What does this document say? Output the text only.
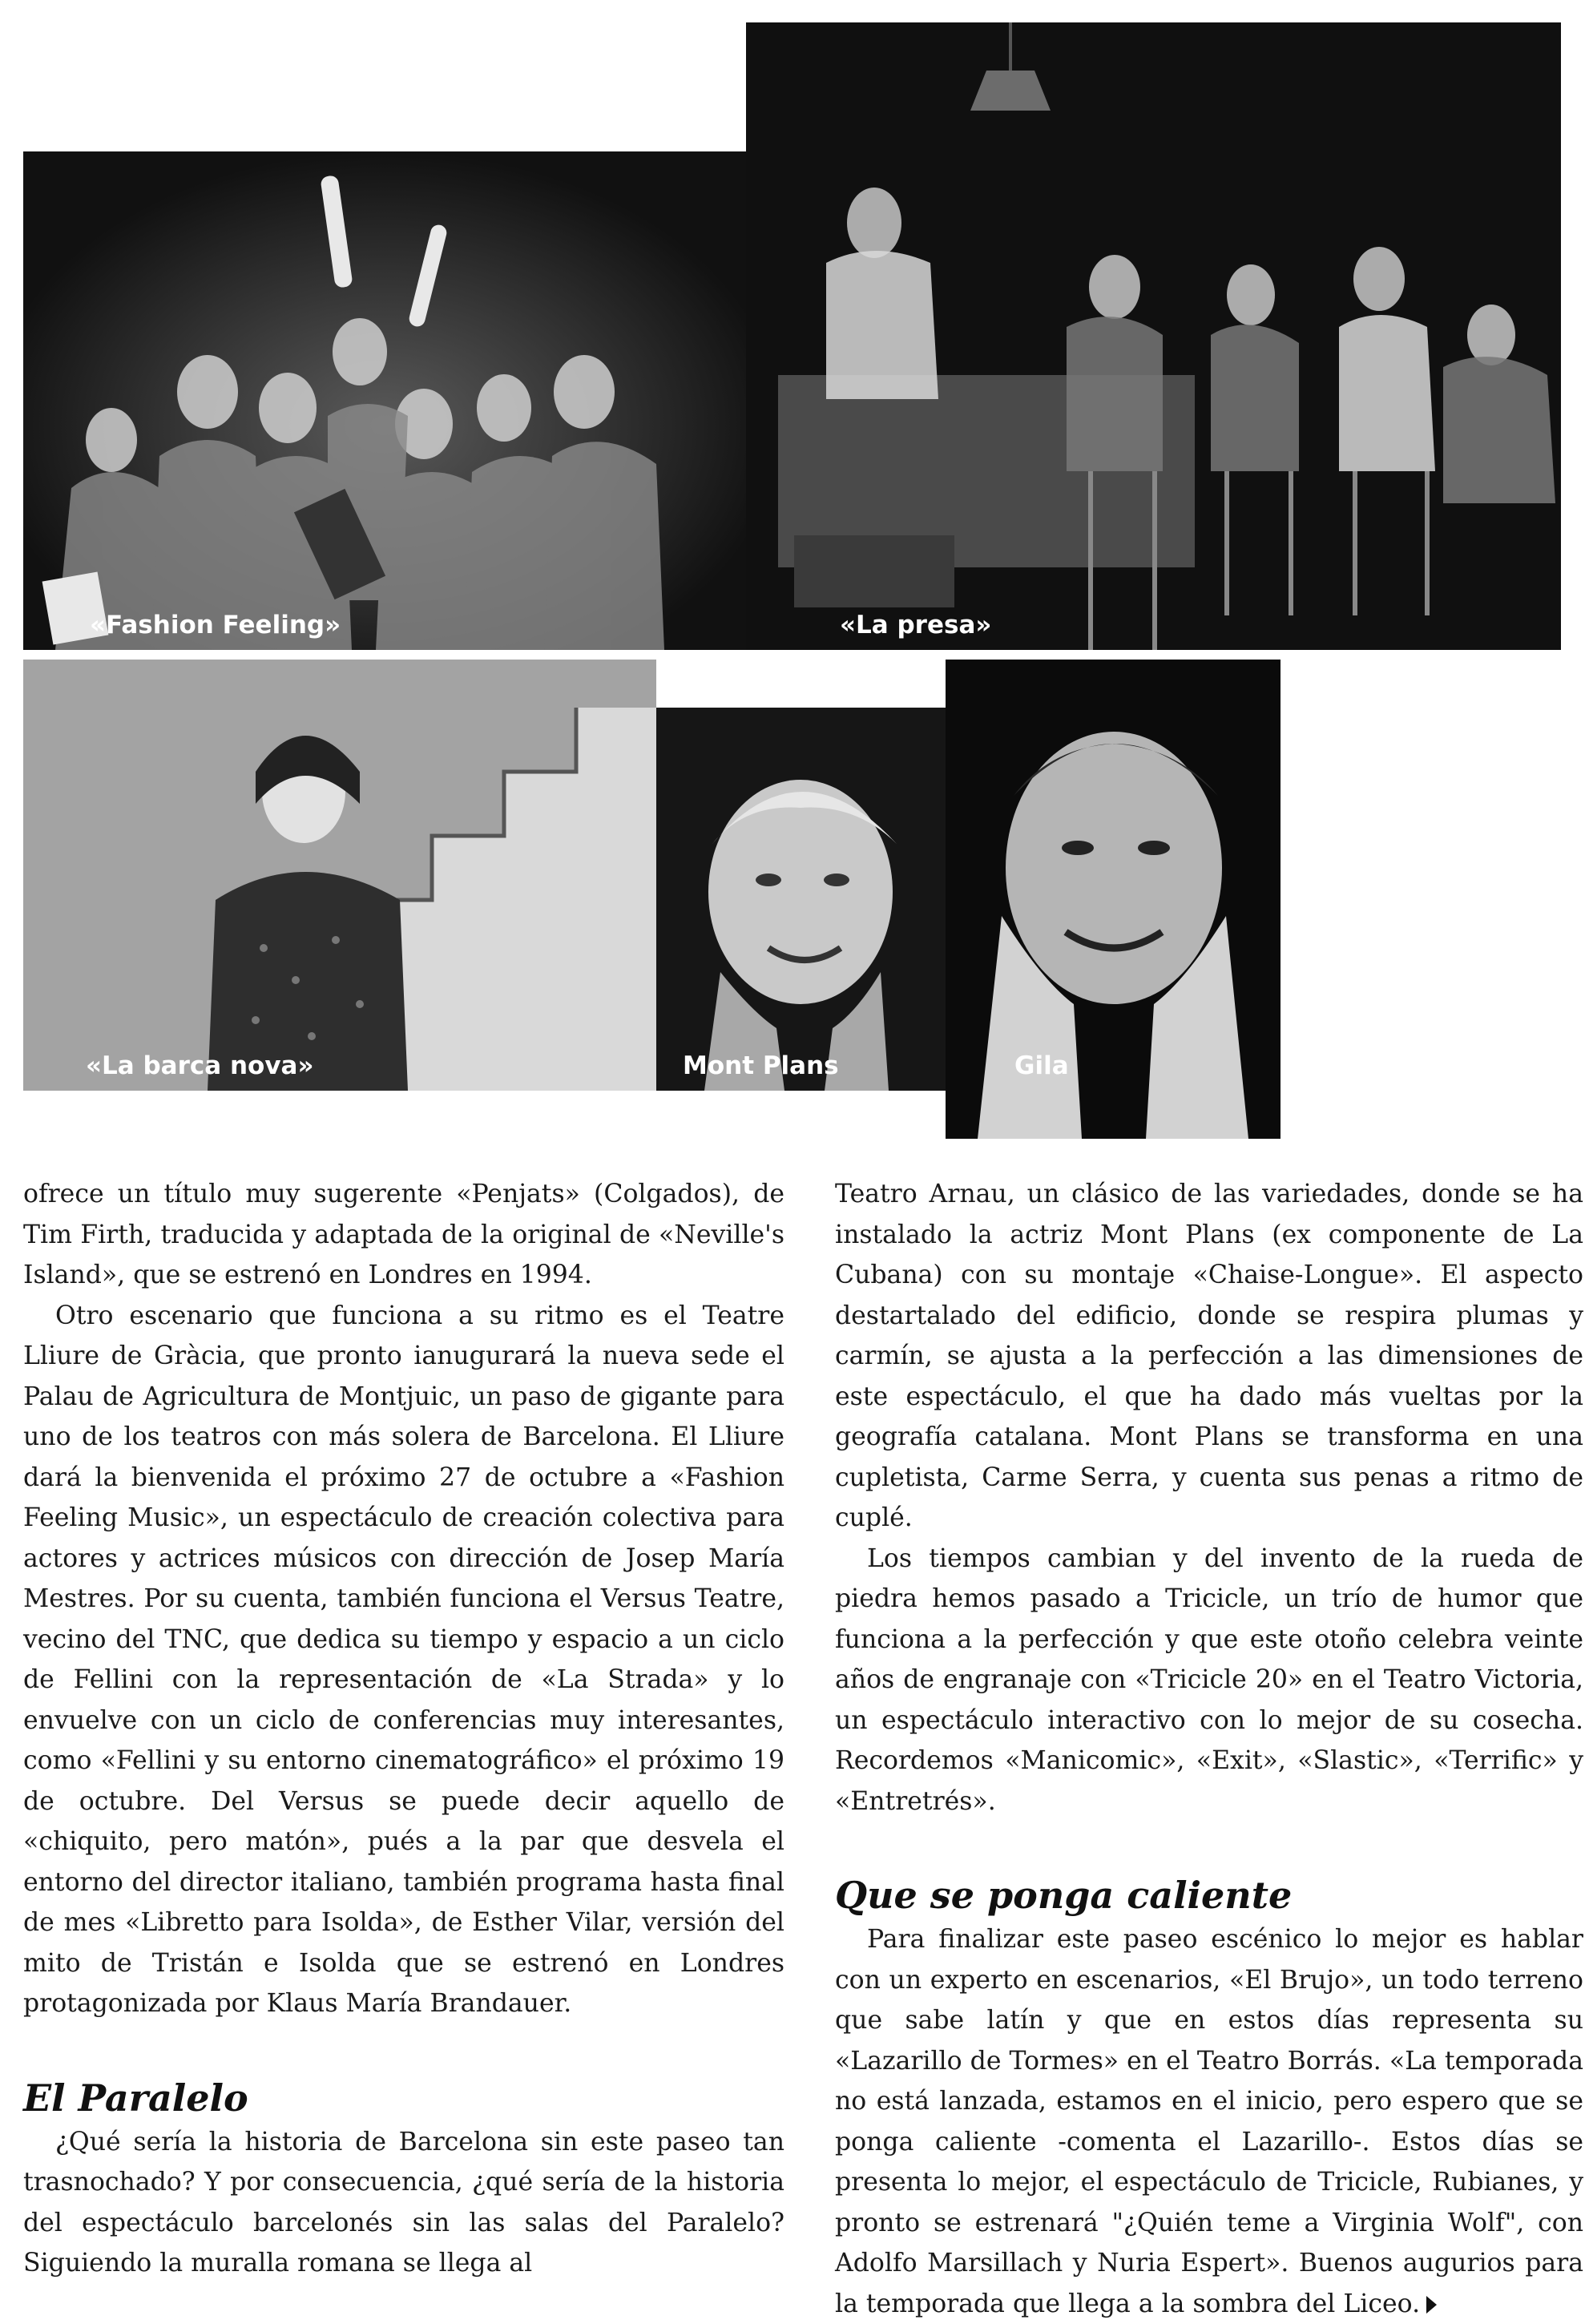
«Fashion Feeling»	«La presa»
«La barca nova»	Mont Plans	Gila

ofrece un título muy sugerente «Penjats» (Colgados), de Tim Firth, traducida y adaptada de la original de «Neville's Island», que se estrenó en Londres en 1994.

Otro escenario que funciona a su ritmo es el Teatre Lliure de Gràcia, que pronto ianugurará la nueva sede el Palau de Agricultura de Montjuic, un paso de gigante para uno de los teatros con más solera de Barcelona. El Lliure dará la bienvenida el próximo 27 de octubre a «Fashion Feeling Music», un espectáculo de creación colectiva para actores y actrices músicos con dirección de Josep María Mestres. Por su cuenta, también funciona el Versus Teatre, vecino del TNC, que dedica su tiempo y espacio a un ciclo de Fellini con la representación de «La Strada» y lo envuelve con un ciclo de conferencias muy interesantes, como «Fellini y su entorno cinematográfico» el próximo 19 de octubre. Del Versus se puede decir aquello de «chiquito, pero matón», pués a la par que desvela el entorno del director italiano, también programa hasta final de mes «Libretto para Isolda», de Esther Vilar, versión del mito de Tristán e Isolda que se estrenó en Londres protagonizada por Klaus María Brandauer.

El Paralelo

¿Qué sería la historia de Barcelona sin este paseo tan trasnochado? Y por consecuencia, ¿qué sería de la historia del espectáculo barcelonés sin las salas del Paralelo? Siguiendo la muralla romana se llega al

Teatro Arnau, un clásico de las variedades, donde se ha instalado la actriz Mont Plans (ex componente de La Cubana) con su montaje «Chaise-Longue». El aspecto destartalado del edificio, donde se respira plumas y carmín, se ajusta a la perfección a las dimensiones de este espectáculo, el que ha dado más vueltas por la geografía catalana. Mont Plans se transforma en una cupletista, Carme Serra, y cuenta sus penas a ritmo de cuplé.

Los tiempos cambian y del invento de la rueda de piedra hemos pasado a Tricicle, un trío de humor que funciona a la perfección y que este otoño celebra veinte años de engranaje con «Tricicle 20» en el Teatro Victoria, un espectáculo interactivo con lo mejor de su cosecha. Recordemos «Manicomic», «Exit», «Slastic», «Terrific» y «Entretrés».

Que se ponga caliente

Para finalizar este paseo escénico lo mejor es hablar con un experto en escenarios, «El Brujo», un todo terreno que sabe latín y que en estos días representa su «Lazarillo de Tormes» en el Teatro Borrás. «La temporada no está lanzada, estamos en el inicio, pero espero que se ponga caliente -comenta el Lazarillo-. Estos días se presenta lo mejor, el espectáculo de Tricicle, Rubianes, y pronto se estrenará "¿Quién teme a Virginia Wolf", con Adolfo Marsillach y Nuria Espert». Buenos augurios para la temporada que llega a la sombra del Liceo.
